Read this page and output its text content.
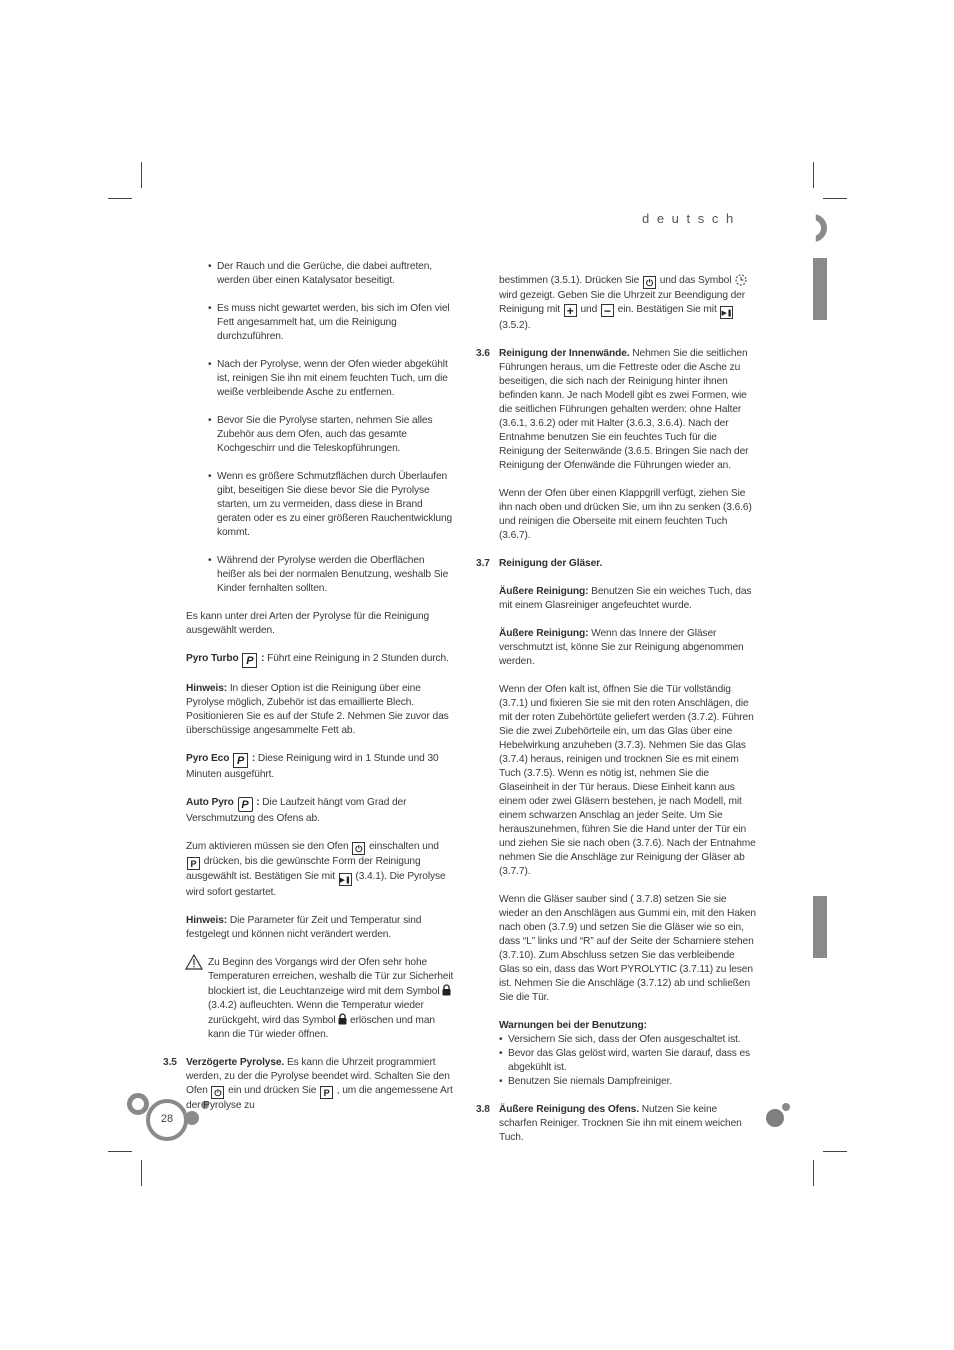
d e u t s c h
28

• Der Rauch und die Gerüche, die dabei auftreten, werden über einen Katalysator beseitigt.

• Es muss nicht gewartet werden, bis sich im Ofen viel Fett angesammelt hat, um die Reinigung durchzuführen.

• Nach der Pyrolyse, wenn der Ofen wieder abgekühlt ist, reinigen Sie ihn mit einem feuchten Tuch, um die weiße verbleibende Asche zu entfernen.

• Bevor Sie die Pyrolyse starten, nehmen Sie alles Zubehör aus dem Ofen, auch das gesamte Kochgeschirr und die Teleskopführungen.

• Wenn es größere Schmutzflächen durch Überlaufen gibt, beseitigen Sie diese bevor Sie die Pyrolyse starten, um zu vermeiden, dass diese in Brand geraten oder es zu einer größeren Rauchentwicklung kommt.

• Während der Pyrolyse werden die Oberflächen heißer als bei der normalen Benutzung, weshalb Sie Kinder fernhalten sollten.

Es kann unter drei Arten der Pyrolyse für die Reinigung ausgewählt werden.

Pyro Turbo P : Führt eine Reinigung in 2 Stunden durch.

Hinweis: In dieser Option ist die Reinigung über eine Pyrolyse möglich, Zubehör ist das emaillierte Blech. Positionieren Sie es auf der Stufe 2. Nehmen Sie zuvor das überschüssige angesammelte Fett ab.

Pyro Eco P : Diese Reinigung wird in 1 Stunde und 30 Minuten ausgeführt.

Auto Pyro P : Die Laufzeit hängt vom Grad der Verschmutzung des Ofens ab.

Zum aktivieren müssen sie den Ofen ⏻ einschalten und P drücken, bis die gewünschte Form der Reinigung ausgewählt ist. Bestätigen Sie mit ▶❚ (3.4.1). Die Pyrolyse wird sofort gestartet.

Hinweis: Die Parameter für Zeit und Temperatur sind festgelegt und können nicht verändert werden.

Zu Beginn des Vorgangs wird der Ofen sehr hohe Temperaturen erreichen, weshalb die Tür zur Sicherheit blockiert ist, die Leuchtanzeige wird mit dem Symbol  (3.4.2) aufleuchten. Wenn die Temperatur wieder zurückgeht, wird das Symbol erlöschen und man kann die Tür wieder öffnen.

3.5 Verzögerte Pyrolyse. Es kann die Uhrzeit programmiert werden, zu der die Pyrolyse beendet wird. Schalten Sie den Ofen ⏻ ein und drücken Sie P , um die angemessene Art der Pyrolyse zu

bestimmen (3.5.1). Drücken Sie ⏻ und das Symbol  wird gezeigt. Geben Sie die Uhrzeit zur Beendigung der Reinigung mit + und − ein. Bestätigen Sie mit ▶❚ (3.5.2).

3.6 Reinigung der Innenwände. Nehmen Sie die seitlichen Führungen heraus, um die Fettreste oder die Asche zu beseitigen, die sich nach der Reinigung hinter ihnen befinden kann. Je nach Modell gibt es zwei Formen, wie die seitlichen Führungen gehalten werden: ohne Halter (3.6.1, 3.6.2) oder mit Halter (3.6.3, 3.6.4). Nach der Entnahme benutzen Sie ein feuchtes Tuch für die Reinigung der Seitenwände (3.6.5. Bringen Sie nach der Reinigung der Ofenwände die Führungen wieder an.

Wenn der Ofen über einen Klappgrill verfügt, ziehen Sie ihn nach oben und drücken Sie, um ihn zu senken (3.6.6) und reinigen die Oberseite mit einem feuchten Tuch (3.6.7).

3.7 Reinigung der Gläser.

Äußere Reinigung: Benutzen Sie ein weiches Tuch, das mit einem Glasreiniger angefeuchtet wurde.

Äußere Reinigung: Wenn das Innere der Gläser verschmutzt ist, könne Sie zur Reinigung abgenommen werden.

Wenn der Ofen kalt ist, öffnen Sie die Tür vollständig (3.7.1) und fixieren Sie sie mit den roten Anschlägen, die mit der roten Zubehörtüte geliefert werden (3.7.2). Führen Sie die zwei Zubehörteile ein, um das Glas über eine Hebelwirkung anzuheben (3.7.3). Nehmen Sie das Glas (3.7.4) heraus, reinigen und trocknen Sie es mit einem Tuch (3.7.5). Wenn es nötig ist, nehmen Sie die Glaseinheit in der Tür heraus. Diese Einheit kann aus einem oder zwei Gläsern bestehen, je nach Modell, mit einem schwarzen Anschlag an jeder Seite. Um Sie herauszunehmen, führen Sie die Hand unter der Tür ein und ziehen Sie sie nach oben (3.7.6). Nach der Entnahme nehmen Sie die Anschläge zur Reinigung der Gläser ab (3.7.7).

Wenn die Gläser sauber sind ( 3.7.8) setzen Sie sie wieder an den Anschlägen aus Gummi ein, mit den Haken nach oben (3.7.9) und setzen Sie die Gläser wie so ein, dass “L” links und “R” auf der Seite der Scharniere stehen (3.7.10). Zum Abschluss setzen Sie das verbleibende Glas so ein, dass das Wort PYROLYTIC (3.7.11) zu lesen ist. Nehmen Sie die Anschläge (3.7.12) ab und schließen Sie die Tür.

Warnungen bei der Benutzung:

• Versichern Sie sich, dass der Ofen ausgeschaltet ist.

• Bevor das Glas gelöst wird, warten Sie darauf, dass es abgekühlt ist.

• Benutzen Sie niemals Dampfreiniger.

3.8 Äußere Reinigung des Ofens. Nutzen Sie keine scharfen Reiniger. Trocknen Sie ihn mit einem weichen Tuch.
